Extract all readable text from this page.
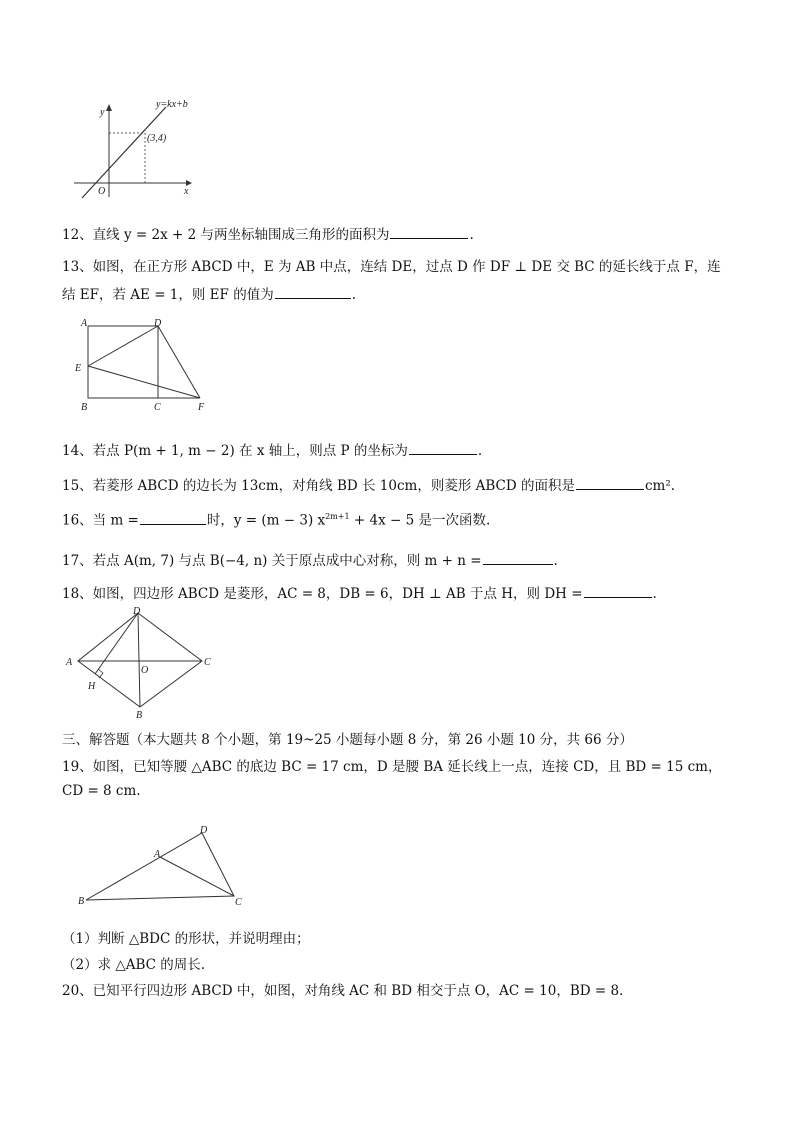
y=kx+b
y
x
O
(3,4)
12、直线 y = 2x + 2 与两坐标轴围成三角形的面积为	.
13、如图，在正方形 ABCD 中，E 为 AB 中点，连结 DE，过点 D 作 DF ⊥ DE 交 BC 的延长线于点 F，连
结 EF，若 AE = 1，则 EF 的值为	.
A	D
E
B	C	F
14、若点 P(m + 1, m − 2) 在 x 轴上，则点 P 的坐标为	.
15、若菱形 ABCD 的边长为 13cm，对角线 BD 长 10cm，则菱形 ABCD 的面积是	cm².
16、当 m =	时，y = (m − 3) $x^{2m+1} + 4x - 5$ 是一次函数.
17、若点 A(m, 7) 与点 B(−4, n) 关于原点成中心对称，则 m + n =	.
18、如图，四边形 ABCD 是菱形，AC = 8，DB = 6，DH ⊥ AB 于点 H，则 DH =	.
D
A	C
O
H
B
三、解答题（本大题共 8 个小题，第 19~25 小题每小题 8 分，第 26 小题 10 分，共 66 分）
19、如图，已知等腰 △ABC 的底边 BC = 17 cm，D 是腰 BA 延长线上一点，连接 CD，且 BD = 15 cm，
CD = 8 cm.
B
A
D
C
（1）判断 △BDC 的形状，并说明理由；
（2）求 △ABC 的周长.
20、已知平行四边形 ABCD 中，如图，对角线 AC 和 BD 相交于点 O，AC = 10，BD = 8.
